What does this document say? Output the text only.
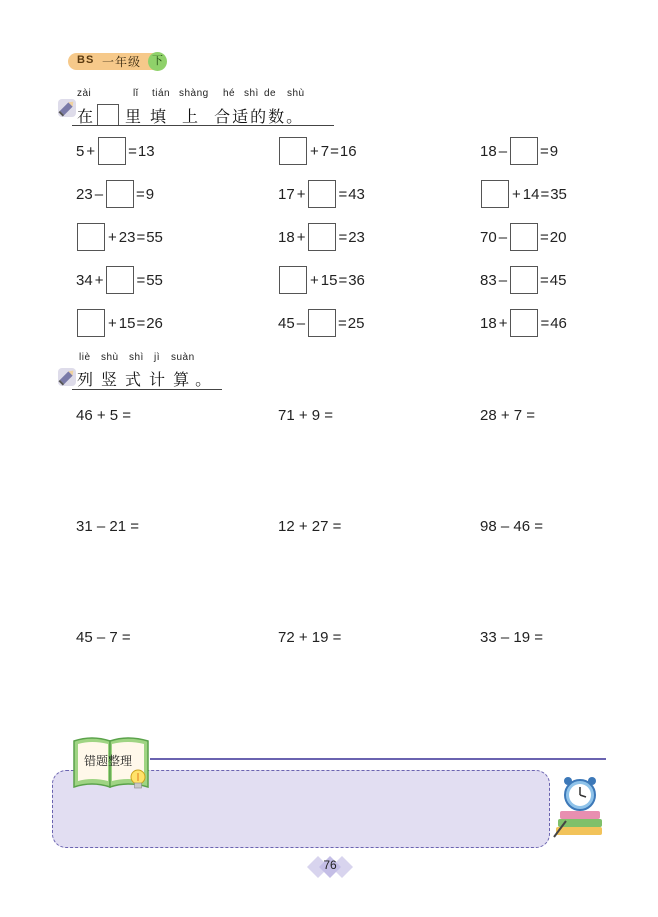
BS 一年级 下
zài	lǐ tián shàng hé shì de shù
在 里 填 上 合 适 的 数 。
5 + = 13	+ 7 = 16	18 – = 9
23 – = 9	17 + = 43	+ 14 = 35
+ 23 = 55	18 + = 23	70 – = 20
34 + = 55	+ 15 = 36	83 – = 45
+ 15 = 26	45 – = 25	18 + = 46
liè shù shì jì suàn
列 竖 式 计 算 。
46 + 5 =	71 + 9 =	28 + 7 =
31 – 21 =	12 + 27 =	98 – 46 =
45 – 7 =	72 + 19 =	33 – 19 =
错题整理
76
